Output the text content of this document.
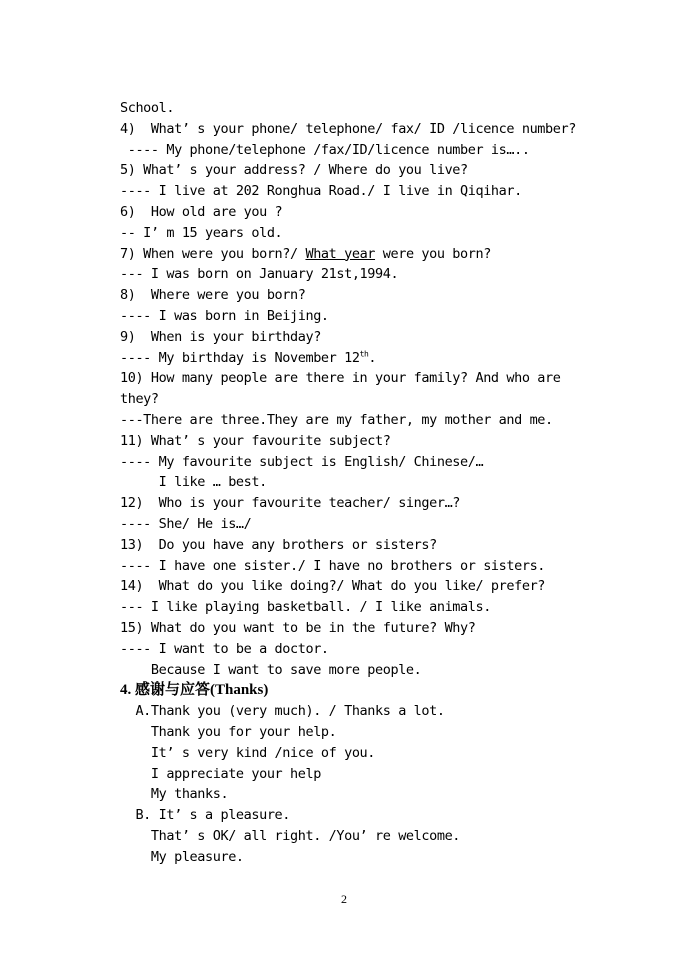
School.
4)  What’ s your phone/ telephone/ fax/ ID /licence number?
---- My phone/telephone /fax/ID/licence number is…..
5) What’ s your address? / Where do you live?
---- I live at 202 Ronghua Road./ I live in Qiqihar.
6)  How old are you ?
-- I’ m 15 years old.
7) When were you born?/ What year were you born?
--- I was born on January 21st,1994.
8)  Where were you born?
---- I was born in Beijing.
9)  When is your birthday?
---- My birthday is November 12th.
10) How many people are there in your family? And who are
they?
---There are three.They are my father, my mother and me.
11) What’ s your favourite subject?
---- My favourite subject is English/ Chinese/…
I like … best.
12)  Who is your favourite teacher/ singer…?
---- She/ He is…/
13)  Do you have any brothers or sisters?
---- I have one sister./ I have no brothers or sisters.
14)  What do you like doing?/ What do you like/ prefer?
--- I like playing basketball. / I like animals.
15) What do you want to be in the future? Why?
---- I want to be a doctor.
Because I want to save more people.
4. 感谢与应答(Thanks)
A.Thank you (very much). / Thanks a lot.
Thank you for your help.
It’ s very kind /nice of you.
I appreciate your help
My thanks.
B. It’ s a pleasure.
That’ s OK/ all right. /You’ re welcome.
My pleasure.
2
